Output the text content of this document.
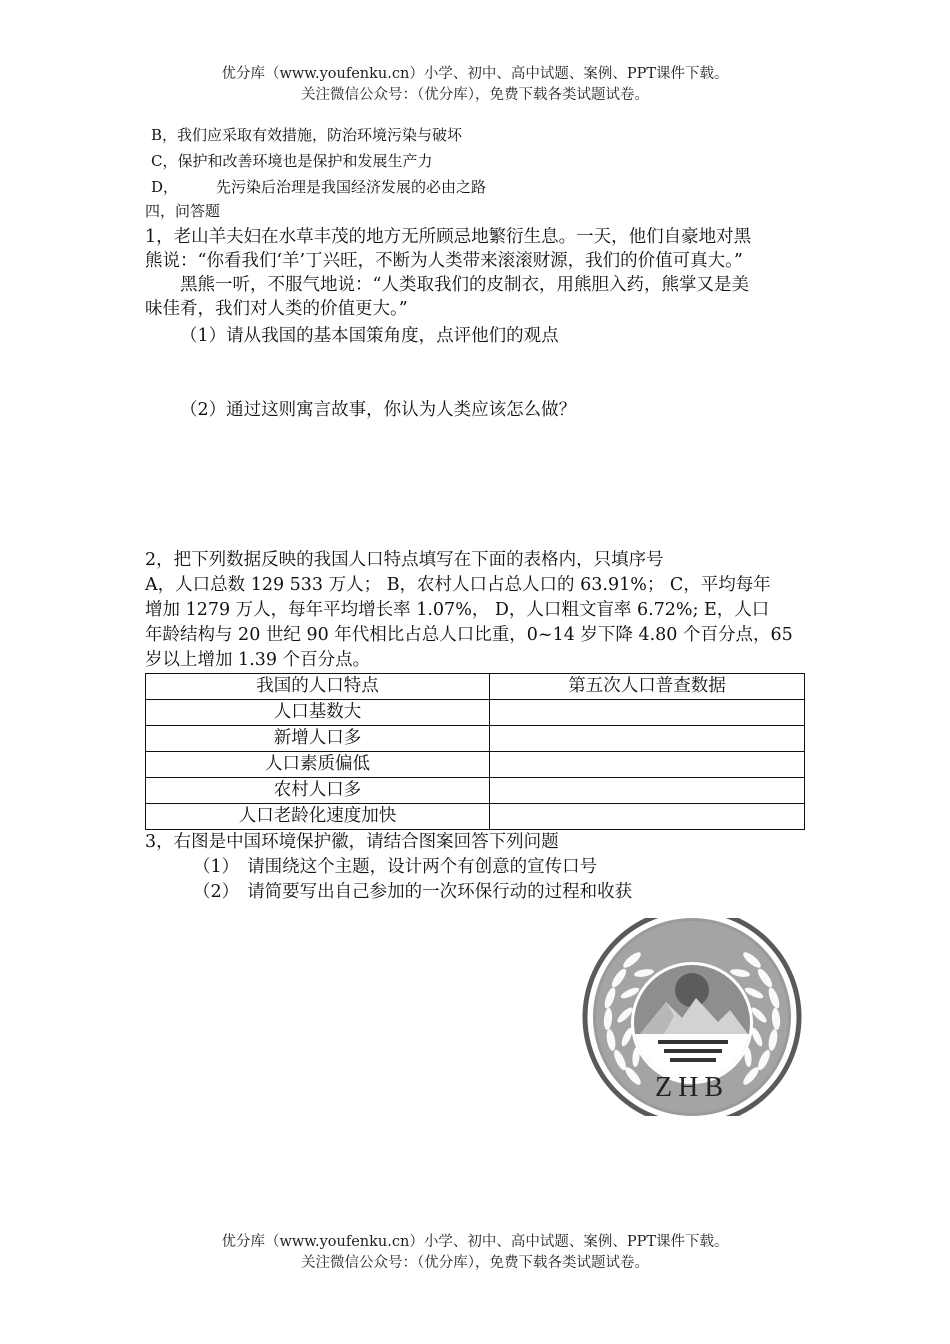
优分库（www.youfenku.cn）小学、初中、高中试题、案例、PPT课件下载。
关注微信公众号：（优分库），免费下载各类试题试卷。
B，我们应采取有效措施，防治环境污染与破坏
C，保护和改善环境也是保护和发展生产力
D，	先污染后治理是我国经济发展的必由之路
四，问答题
1，老山羊夫妇在水草丰茂的地方无所顾忌地繁衍生息。一天，他们自豪地对黑
熊说：“你看我们‘羊’丁兴旺，不断为人类带来滚滚财源，我们的价值可真大。”
黑熊一听，不服气地说：“人类取我们的皮制衣，用熊胆入药，熊掌又是美
味佳肴，我们对人类的价值更大。”
（1）请从我国的基本国策角度，点评他们的观点
（2）通过这则寓言故事，你认为人类应该怎么做？
2，把下列数据反映的我国人口特点填写在下面的表格内，只填序号
A，人口总数 129 533 万人； B，农村人口占总人口的 63.91%； C，平均每年
增加 1279 万人，每年平均增长率 1.07%， D，人口粗文盲率 6.72%; E，人口
年龄结构与 20 世纪 90 年代相比占总人口比重，0~14 岁下降 4.80 个百分点，65
岁以上增加 1.39 个百分点。
我国的人口特点	第五次人口普查数据
人口基数大	
新增人口多	
人口素质偏低	
农村人口多	
人口老龄化速度加快	
3，右图是中国环境保护徽，请结合图案回答下列问题
（1） 请围绕这个主题，设计两个有创意的宣传口号
（2） 请简要写出自己参加的一次环保行动的过程和收获
ZHB
优分库（www.youfenku.cn）小学、初中、高中试题、案例、PPT课件下载。
关注微信公众号：（优分库），免费下载各类试题试卷。
